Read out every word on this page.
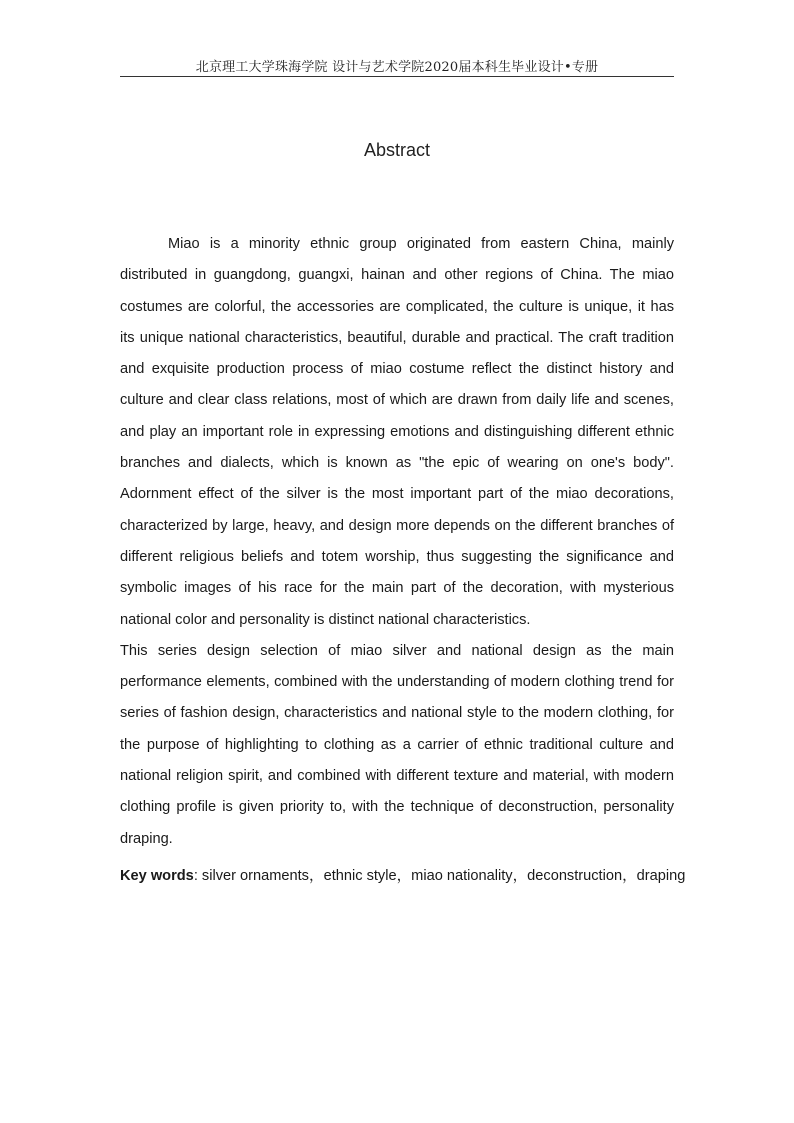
北京理工大学珠海学院 设计与艺术学院2020届本科生毕业设计•专册
Abstract

Miao is a minority ethnic group originated from eastern China, mainly distributed in guangdong, guangxi, hainan and other regions of China. The miao costumes are colorful, the accessories are complicated, the culture is unique, it has its unique national characteristics, beautiful, durable and practical. The craft tradition and exquisite production process of miao costume reflect the distinct history and culture and clear class relations, most of which are drawn from daily life and scenes, and play an important role in expressing emotions and distinguishing different ethnic branches and dialects, which is known as "the epic of wearing on one's body". Adornment effect of the silver is the most important part of the miao decorations, characterized by large, heavy, and design more depends on the different branches of different religious beliefs and totem worship, thus suggesting the significance and symbolic images of his race for the main part of the decoration, with mysterious national color and personality is distinct national characteristics.

This series design selection of miao silver and national design as the main performance elements, combined with the understanding of modern clothing trend for series of fashion design, characteristics and national style to the modern clothing, for the purpose of highlighting to clothing as a carrier of ethnic traditional culture and national religion spirit, and combined with different texture and material, with modern clothing profile is given priority to, with the technique of deconstruction, personality draping.

Key words: silver ornaments，ethnic style，miao nationality，deconstruction，draping
